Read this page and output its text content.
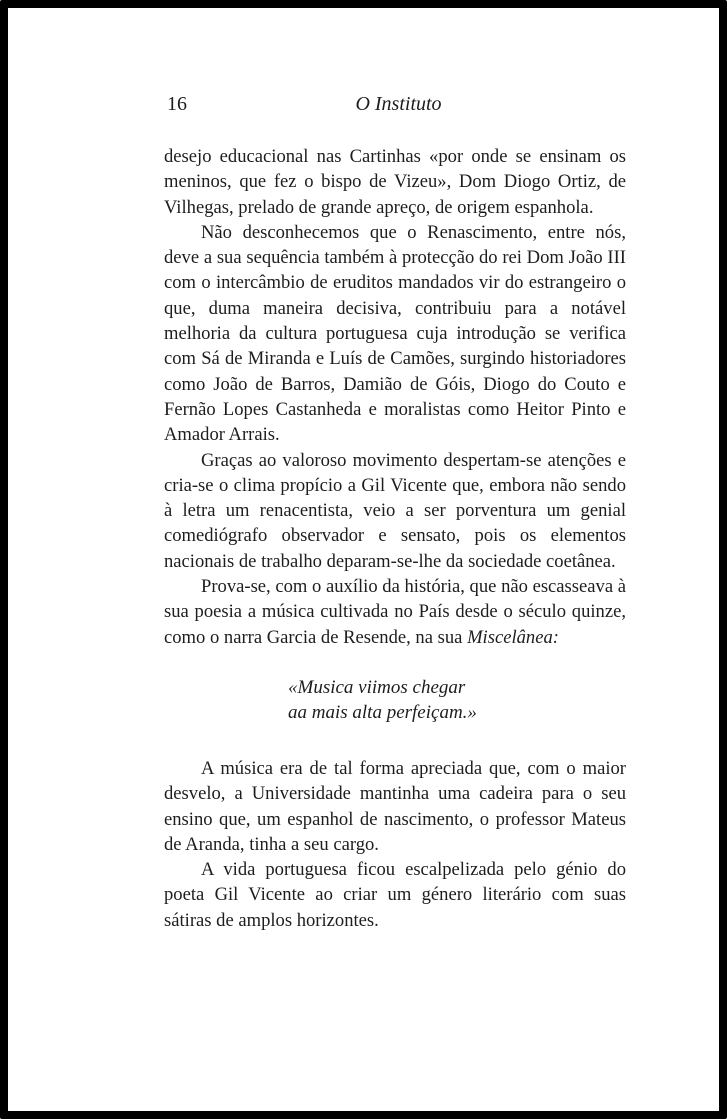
16	O Instituto

desejo educacional nas Cartinhas «por onde se ensinam os meninos, que fez o bispo de Vizeu», Dom Diogo Ortiz, de Vilhegas, prelado de grande apreço, de origem espanhola.

Não desconhecemos que o Renascimento, entre nós, deve a sua sequência também à protecção do rei Dom João III com o intercâmbio de eruditos mandados vir do estrangeiro o que, duma maneira decisiva, contribuiu para a notável melhoria da cultura portuguesa cuja introdução se verifica com Sá de Miranda e Luís de Camões, surgindo historiadores como João de Barros, Damião de Góis, Diogo do Couto e Fernão Lopes Castanheda e moralistas como Heitor Pinto e Amador Arrais.

Graças ao valoroso movimento despertam-se atenções e cria-se o clima propício a Gil Vicente que, embora não sendo à letra um renacentista, veio a ser porventura um genial comediógrafo observador e sensato, pois os elementos nacionais de trabalho deparam-se-lhe da sociedade coetânea.

Prova-se, com o auxílio da história, que não escasseava à sua poesia a música cultivada no País desde o século quinze, como o narra Garcia de Resende, na sua Miscelânea:

«Musica viimos chegar
aa mais alta perfeiçam.»

A música era de tal forma apreciada que, com o maior desvelo, a Universidade mantinha uma cadeira para o seu ensino que, um espanhol de nascimento, o professor Mateus de Aranda, tinha a seu cargo.

A vida portuguesa ficou escalpelizada pelo génio do poeta Gil Vicente ao criar um género literário com suas sátiras de amplos horizontes.
